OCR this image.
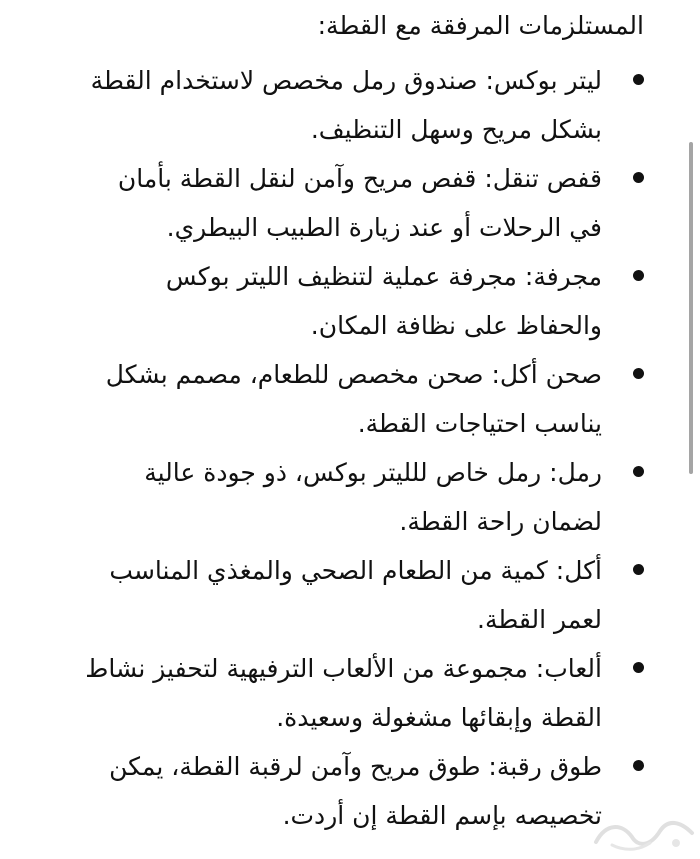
المستلزمات المرفقة مع القطة:
ليتر بوكس: صندوق رمل مخصص لاستخدام القطة بشكل مريح وسهل التنظيف.
قفص تنقل: قفص مريح وآمن لنقل القطة بأمان في الرحلات أو عند زيارة الطبيب البيطري.
مجرفة: مجرفة عملية لتنظيف الليتر بوكس والحفاظ على نظافة المكان.
صحن أكل: صحن مخصص للطعام، مصمم بشكل يناسب احتياجات القطة.
رمل: رمل خاص للليتر بوكس، ذو جودة عالية لضمان راحة القطة.
أكل: كمية من الطعام الصحي والمغذي المناسب لعمر القطة.
ألعاب: مجموعة من الألعاب الترفيهية لتحفيز نشاط القطة وإبقائها مشغولة وسعيدة.
طوق رقبة: طوق مريح وآمن لرقبة القطة، يمكن تخصيصه بإسم القطة إن أردت.
